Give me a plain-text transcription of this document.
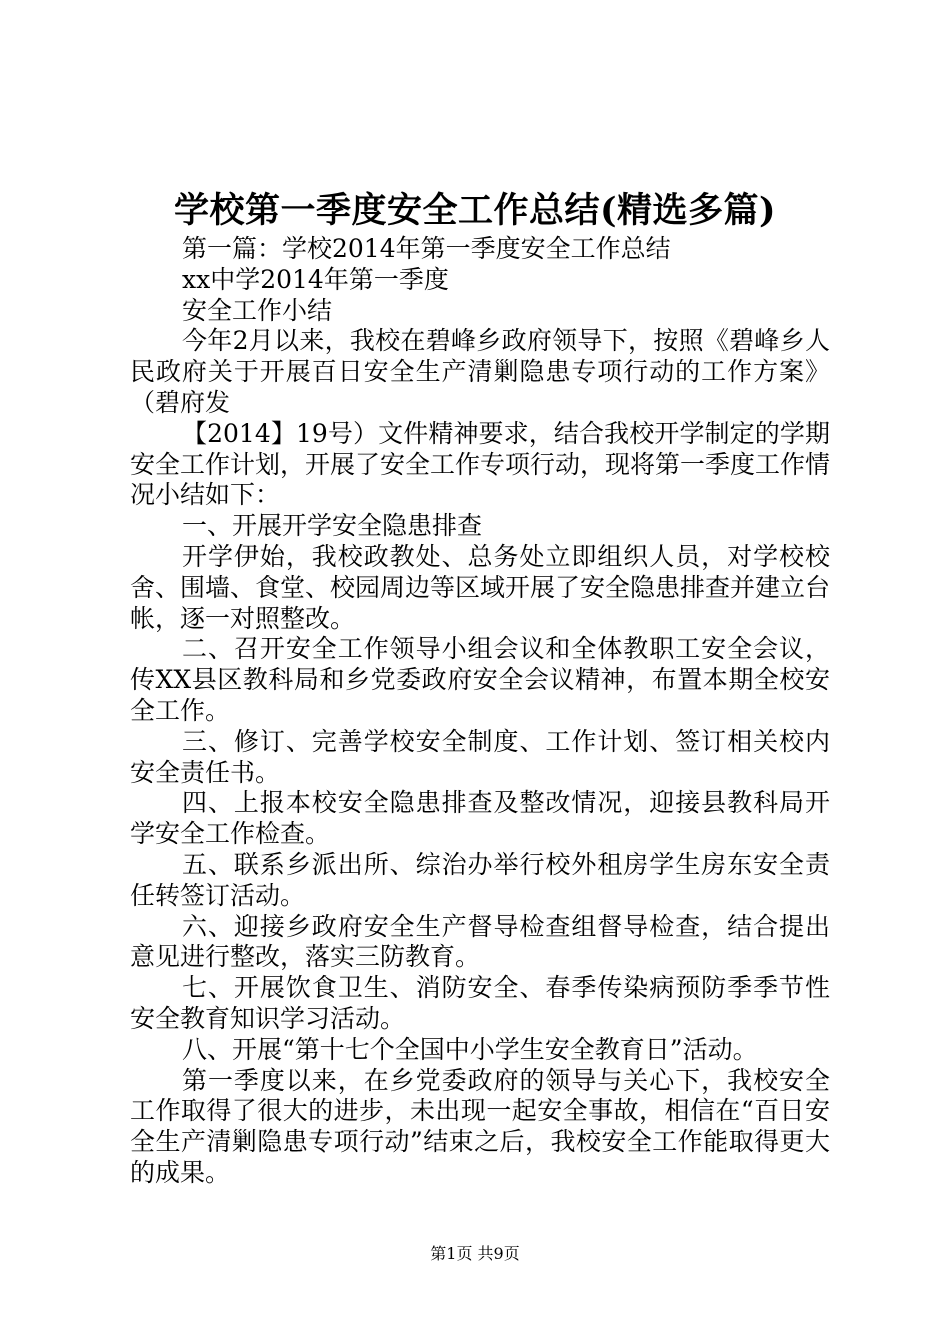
学校第一季度安全工作总结(精选多篇)

第一篇：学校2014年第一季度安全工作总结

xx中学2014年第一季度

安全工作小结

今年2月以来，我校在碧峰乡政府领导下，按照《碧峰乡人民政府关于开展百日安全生产清剿隐患专项行动的工作方案》（碧府发

【2014】19号）文件精神要求，结合我校开学制定的学期安全工作计划，开展了安全工作专项行动，现将第一季度工作情况小结如下：

一、开展开学安全隐患排查

开学伊始，我校政教处、总务处立即组织人员，对学校校舍、围墙、食堂、校园周边等区域开展了安全隐患排查并建立台帐，逐一对照整改。

二、召开安全工作领导小组会议和全体教职工安全会议，传XX县区教科局和乡党委政府安全会议精神，布置本期全校安全工作。

三、修订、完善学校安全制度、工作计划、签订相关校内安全责任书。

四、上报本校安全隐患排查及整改情况，迎接县教科局开学安全工作检查。

五、联系乡派出所、综治办举行校外租房学生房东安全责任转签订活动。

六、迎接乡政府安全生产督导检查组督导检查，结合提出意见进行整改，落实三防教育。

七、开展饮食卫生、消防安全、春季传染病预防季季节性安全教育知识学习活动。

八、开展“第十七个全国中小学生安全教育日”活动。

第一季度以来，在乡党委政府的领导与关心下，我校安全工作取得了很大的进步，未出现一起安全事故，相信在“百日安全生产清剿隐患专项行动”结束之后，我校安全工作能取得更大的成果。

第1页 共9页
